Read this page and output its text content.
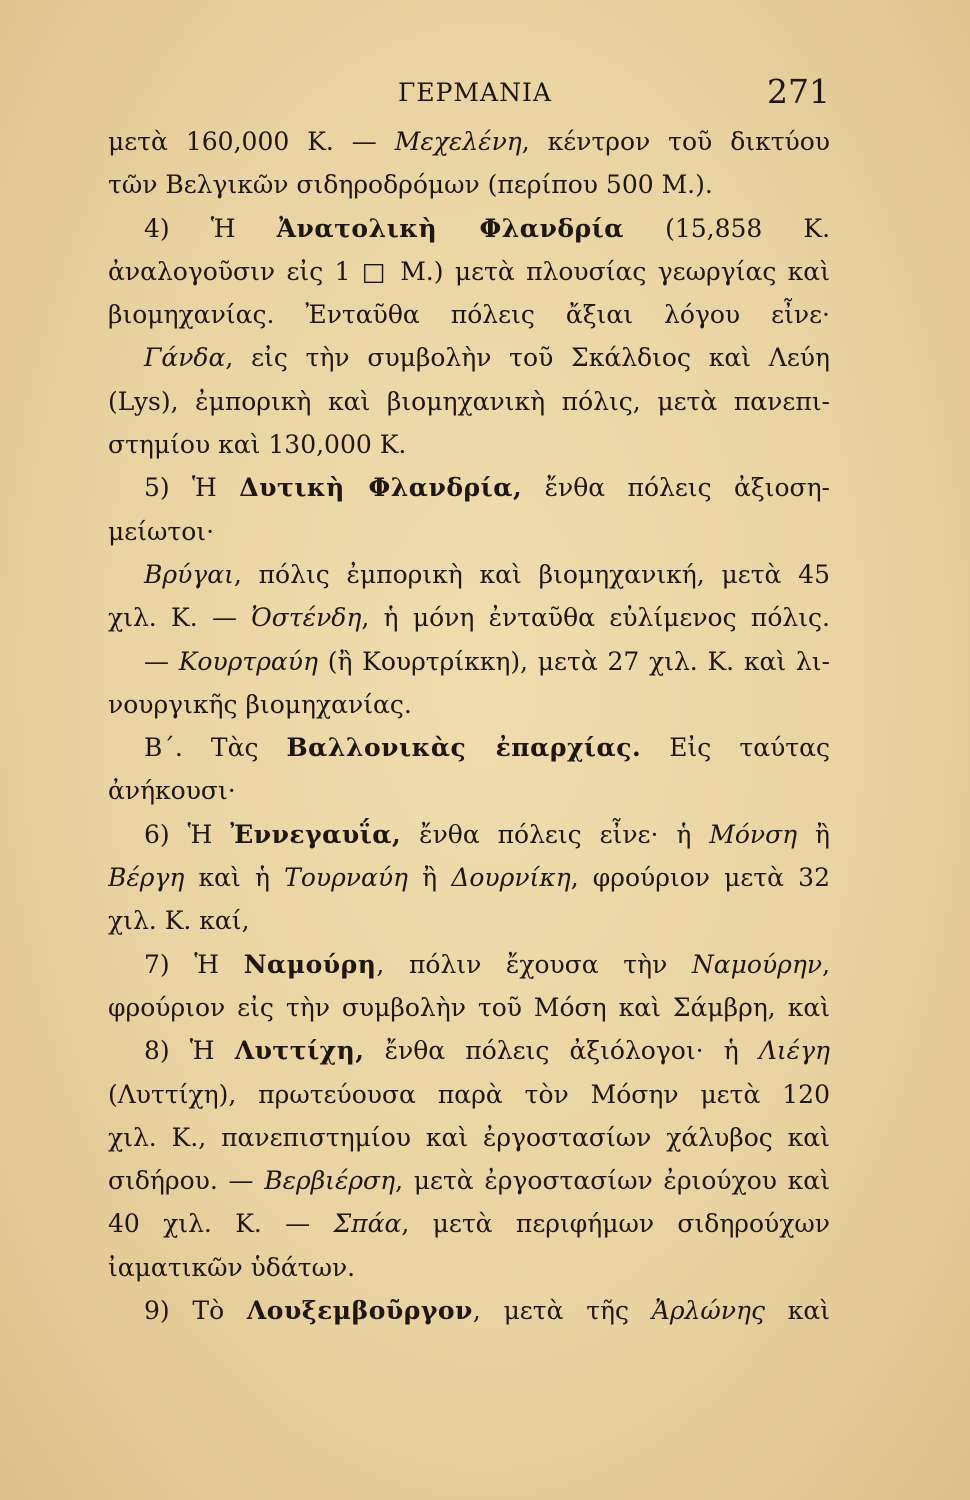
ΓΕΡΜΑΝΙΑ	271
μετὰ 160,000 Κ. — Μεχελένη, κέντρον τοῦ δικτύου
τῶν Βελγικῶν σιδηροδρόμων (περίπου 500 Μ.).
4) Ἡ Ἀνατολικὴ Φλανδρία (15,858 Κ.
ἀναλογοῦσιν εἰς 1 □ Μ.) μετὰ πλουσίας γεωργίας καὶ
βιομηχανίας. Ἐνταῦθα πόλεις ἄξιαι λόγου εἶνε·
Γάνδα, εἰς τὴν συμβολὴν τοῦ Σκάλδιος καὶ Λεύη
(Lys), ἐμπορικὴ καὶ βιομηχανικὴ πόλις, μετὰ πανεπι-
στημίου καὶ 130,000 Κ.
5) Ἡ Δυτικὴ Φλανδρία, ἔνθα πόλεις ἀξιοση-
μείωτοι·
Βρύγαι, πόλις ἐμπορικὴ καὶ βιομηχανική, μετὰ 45
χιλ. Κ. — Ὀστένδη, ἡ μόνη ἐνταῦθα εὐλίμενος πόλις.
— Κουρτραύη (ἢ Κουρτρίκκη), μετὰ 27 χιλ. Κ. καὶ λι-
νουργικῆς βιομηχανίας.
Β΄. Τὰς Βαλλονικὰς ἐπαρχίας. Εἰς ταύτας
ἀνήκουσι·
6) Ἡ Ἐννεγαυΐα, ἔνθα πόλεις εἶνε· ἡ Μόνση ἢ
Βέργη καὶ ἡ Τουρναύη ἢ Δουρνίκη, φρούριον μετὰ 32
χιλ. Κ. καί,
7) Ἡ Ναμούρη, πόλιν ἔχουσα τὴν Ναμούρην,
φρούριον εἰς τὴν συμβολὴν τοῦ Μόση καὶ Σάμβρη, καὶ
8) Ἡ Λυττίχη, ἔνθα πόλεις ἀξιόλογοι· ἡ Λιέγη
(Λυττίχη), πρωτεύουσα παρὰ τὸν Μόσην μετὰ 120
χιλ. Κ., πανεπιστημίου καὶ ἐργοστασίων χάλυβος καὶ
σιδήρου. — Βερβιέρση, μετὰ ἐργοστασίων ἐριούχου καὶ
40 χιλ. Κ. — Σπάα, μετὰ περιφήμων σιδηρούχων
ἰαματικῶν ὑδάτων.
9) Τὸ Λουξεμβοῦργον, μετὰ τῆς Ἀρλώνης καὶ
